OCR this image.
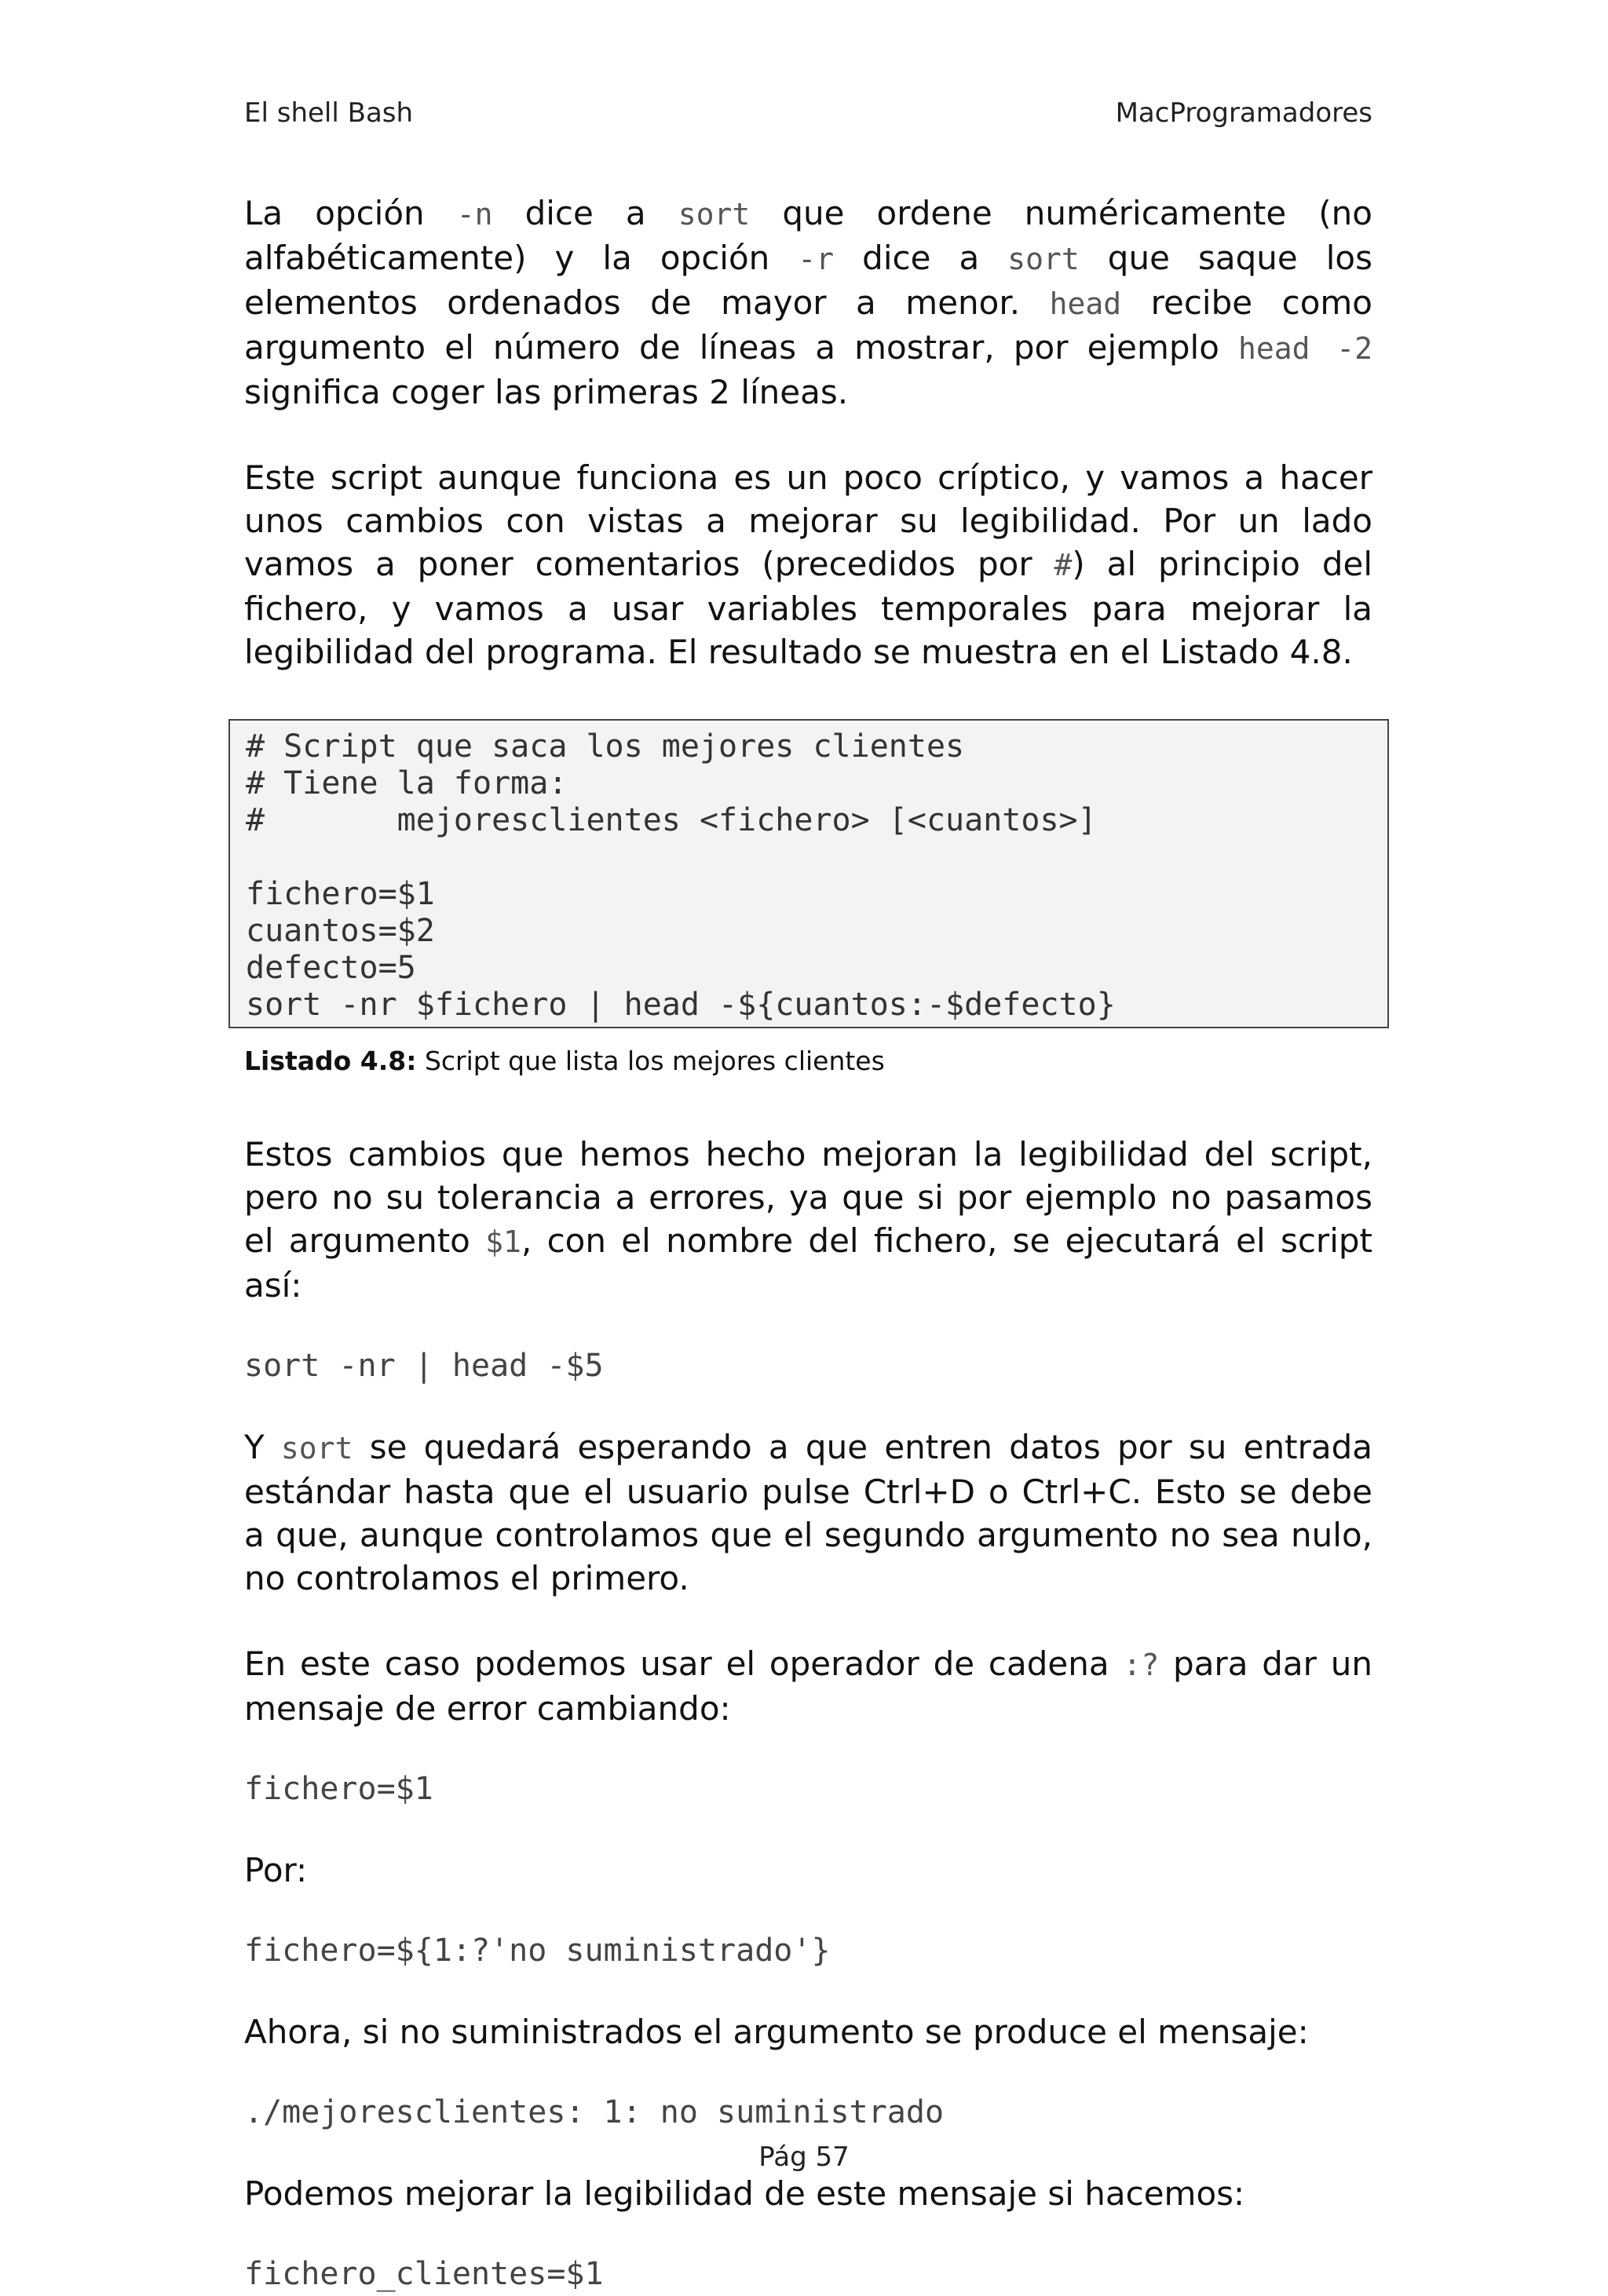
El shell Bash	MacProgramadores

La opción -n dice a sort que ordene numéricamente (no alfabéticamente) y la opción -r dice a sort que saque los elementos ordenados de mayor a menor. head recibe como argumento el número de líneas a mostrar, por ejemplo head -2 significa coger las primeras 2 líneas.

Este script aunque funciona es un poco críptico, y vamos a hacer unos cambios con vistas a mejorar su legibilidad. Por un lado vamos a poner comentarios (precedidos por #) al principio del fichero, y vamos a usar variables temporales para mejorar la legibilidad del programa. El resultado se muestra en el Listado 4.8.

# Script que saca los mejores clientes
# Tiene la forma:
#       mejoresclientes <fichero> [<cuantos>]

fichero=$1
cuantos=$2
defecto=5
sort -nr $fichero | head -${cuantos:-$defecto}
Listado 4.8: Script que lista los mejores clientes

Estos cambios que hemos hecho mejoran la legibilidad del script, pero no su tolerancia a errores, ya que si por ejemplo no pasamos el argumento $1, con el nombre del fichero, se ejecutará el script así:

sort -nr | head -$5

Y sort se quedará esperando a que entren datos por su entrada estándar hasta que el usuario pulse Ctrl+D o Ctrl+C. Esto se debe a que, aunque controlamos que el segundo argumento no sea nulo, no controlamos el primero.

En este caso podemos usar el operador de cadena :? para dar un mensaje de error cambiando:

fichero=$1

Por:

fichero=${1:?'no suministrado'}

Ahora, si no suministrados el argumento se produce el mensaje:

./mejoresclientes: 1: no suministrado

Podemos mejorar la legibilidad de este mensaje si hacemos:

fichero_clientes=$1
Pág 57
